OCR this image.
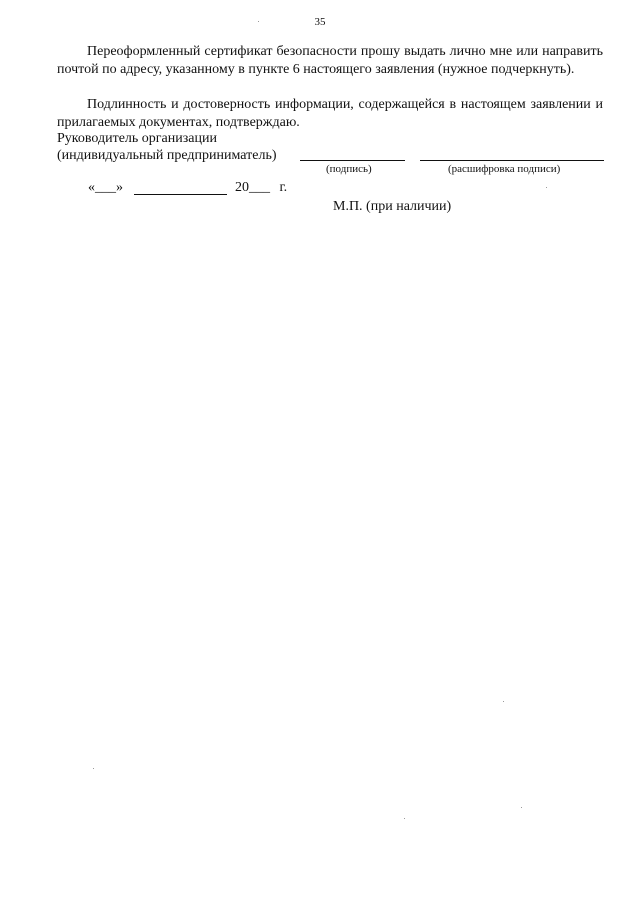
35

Переоформленный сертификат безопасности прошу выдать лично мне или направить почтой по адресу, указанному в пункте 6 настоящего заявления (нужное подчеркнуть).

Подлинность и достоверность информации, содержащейся в настоящем заявлении и прилагаемых документах, подтверждаю.

Руководитель организации
(индивидуальный предприниматель)
(подпись)	(расшифровка подписи)
«___»	20___ г.
М.П. (при наличии)
